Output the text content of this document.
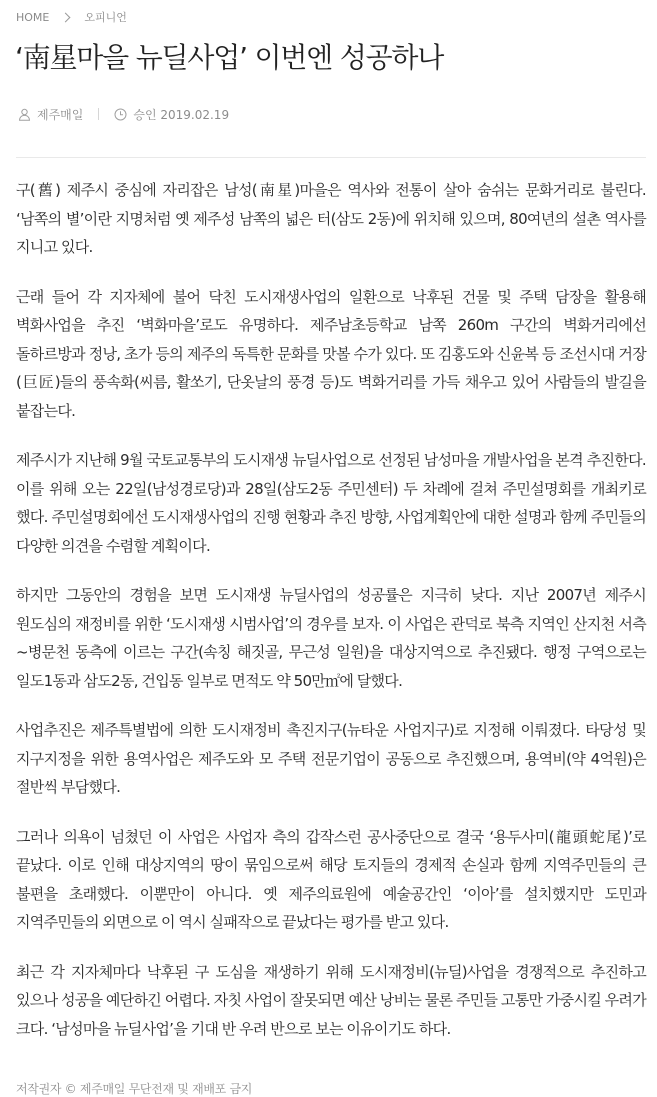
HOME	오피니언
‘南星마을 뉴딜사업’ 이번엔 성공하나
제주매일	승인 2019.02.19

구(舊) 제주시 중심에 자리잡은 남성(南星)마을은 역사와 전통이 살아 숨쉬는 문화거리로 불린다. ‘남쪽의 별’이란 지명처럼 옛 제주성 남쪽의 넓은 터(삼도 2동)에 위치해 있으며, 80여년의 설촌 역사를 지니고 있다.

근래 들어 각 지자체에 불어 닥친 도시재생사업의 일환으로 낙후된 건물 및 주택 담장을 활용해 벽화사업을 추진 ‘벽화마을’로도 유명하다. 제주남초등학교 남쪽 260m 구간의 벽화거리에선 돌하르방과 정낭, 초가 등의 제주의 독특한 문화를 맛볼 수가 있다. 또 김홍도와 신윤복 등 조선시대 거장(巨匠)들의 풍속화(씨름, 활쏘기, 단옷날의 풍경 등)도 벽화거리를 가득 채우고 있어 사람들의 발길을 붙잡는다.

제주시가 지난해 9월 국토교통부의 도시재생 뉴딜사업으로 선정된 남성마을 개발사업을 본격 추진한다. 이를 위해 오는 22일(남성경로당)과 28일(삼도2동 주민센터) 두 차례에 걸쳐 주민설명회를 개최키로 했다. 주민설명회에선 도시재생사업의 진행 현황과 추진 방향, 사업계획안에 대한 설명과 함께 주민들의 다양한 의견을 수렴할 계획이다.

하지만 그동안의 경험을 보면 도시재생 뉴딜사업의 성공률은 지극히 낮다. 지난 2007년 제주시 원도심의 재정비를 위한 ‘도시재생 시범사업’의 경우를 보자. 이 사업은 관덕로 북측 지역인 산지천 서측~병문천 동측에 이르는 구간(속칭 해짓골, 무근성 일원)을 대상지역으로 추진됐다. 행정 구역으로는 일도1동과 삼도2동, 건입동 일부로 면적도 약 50만㎡에 달했다.

사업추진은 제주특별법에 의한 도시재정비 촉진지구(뉴타운 사업지구)로 지정해 이뤄졌다. 타당성 및 지구지정을 위한 용역사업은 제주도와 모 주택 전문기업이 공동으로 추진했으며, 용역비(약 4억원)은 절반씩 부담했다.

그러나 의욕이 넘쳤던 이 사업은 사업자 측의 갑작스런 공사중단으로 결국 ‘용두사미(龍頭蛇尾)’로 끝났다. 이로 인해 대상지역의 땅이 묶임으로써 해당 토지들의 경제적 손실과 함께 지역주민들의 큰 불편을 초래했다. 이뿐만이 아니다. 옛 제주의료원에 예술공간인 ‘이아’를 설치했지만 도민과 지역주민들의 외면으로 이 역시 실패작으로 끝났다는 평가를 받고 있다.

최근 각 지자체마다 낙후된 구 도심을 재생하기 위해 도시재정비(뉴딜)사업을 경쟁적으로 추진하고 있으나 성공을 예단하긴 어렵다. 자칫 사업이 잘못되면 예산 낭비는 물론 주민들 고통만 가중시킬 우려가 크다. ‘남성마을 뉴딜사업’을 기대 반 우려 반으로 보는 이유이기도 하다.

저작권자 © 제주매일 무단전재 및 재배포 금지
